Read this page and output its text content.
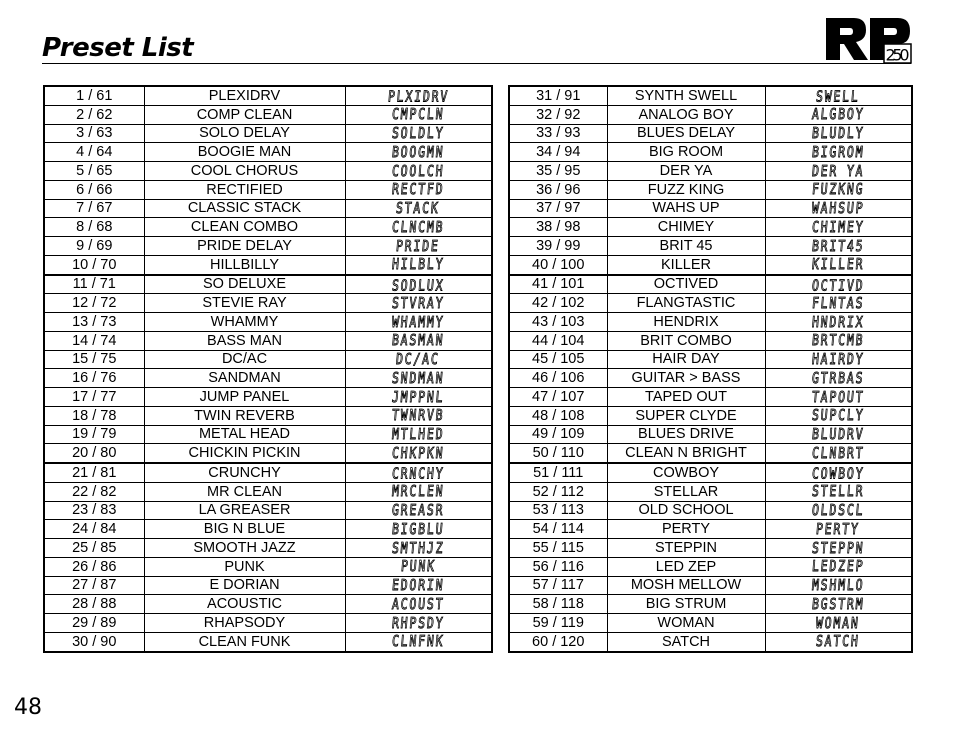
Preset List	250
1 / 61	PLEXIDRV	PLXIDRV
2 / 62	COMP CLEAN	CMPCLN
3 / 63	SOLO DELAY	SOLDLY
4 / 64	BOOGIE MAN	BOOGMN
5 / 65	COOL CHORUS	COOLCH
6 / 66	RECTIFIED	RECTFD
7 / 67	CLASSIC STACK	STACK
8 / 68	CLEAN COMBO	CLNCMB
9 / 69	PRIDE DELAY	PRIDE
10 / 70	HILLBILLY	HILBLY
11 / 71	SO DELUXE	SODLUX
12 / 72	STEVIE RAY	STVRAY
13 / 73	WHAMMY	WHAMMY
14 / 74	BASS MAN	BASMAN
15 / 75	DC/AC	DC/AC
16 / 76	SANDMAN	SNDMAN
17 / 77	JUMP PANEL	JMPPNL
18 / 78	TWIN REVERB	TWNRVB
19 / 79	METAL HEAD	MTLHED
20 / 80	CHICKIN PICKIN	CHKPKN
21 / 81	CRUNCHY	CRNCHY
22 / 82	MR CLEAN	MRCLEN
23 / 83	LA GREASER	GREASR
24 / 84	BIG N BLUE	BIGBLU
25 / 85	SMOOTH JAZZ	SMTHJZ
26 / 86	PUNK	PUNK
27 / 87	E DORIAN	EDORIN
28 / 88	ACOUSTIC	ACOUST
29 / 89	RHAPSODY	RHPSDY
30 / 90	CLEAN FUNK	CLNFNK
31 / 91	SYNTH SWELL	SWELL
32 / 92	ANALOG BOY	ALGBOY
33 / 93	BLUES DELAY	BLUDLY
34 / 94	BIG ROOM	BIGROM
35 / 95	DER YA	DER YA
36 / 96	FUZZ KING	FUZKNG
37 / 97	WAHS UP	WAHSUP
38 / 98	CHIMEY	CHIMEY
39 / 99	BRIT 45	BRIT45
40 / 100	KILLER	KILLER
41 / 101	OCTIVED	OCTIVD
42 / 102	FLANGTASTIC	FLNTAS
43 / 103	HENDRIX	HNDRIX
44 / 104	BRIT COMBO	BRTCMB
45 / 105	HAIR DAY	HAIRDY
46 / 106	GUITAR > BASS	GTRBAS
47 / 107	TAPED OUT	TAPOUT
48 / 108	SUPER CLYDE	SUPCLY
49 / 109	BLUES DRIVE	BLUDRV
50 / 110	CLEAN N BRIGHT	CLNBRT
51 / 111	COWBOY	COWBOY
52 / 112	STELLAR	STELLR
53 / 113	OLD SCHOOL	OLDSCL
54 / 114	PERTY	PERTY
55 / 115	STEPPIN	STEPPN
56 / 116	LED ZEP	LEDZEP
57 / 117	MOSH MELLOW	MSHMLO
58 / 118	BIG STRUM	BGSTRM
59 / 119	WOMAN	WOMAN
60 / 120	SATCH	SATCH
48
